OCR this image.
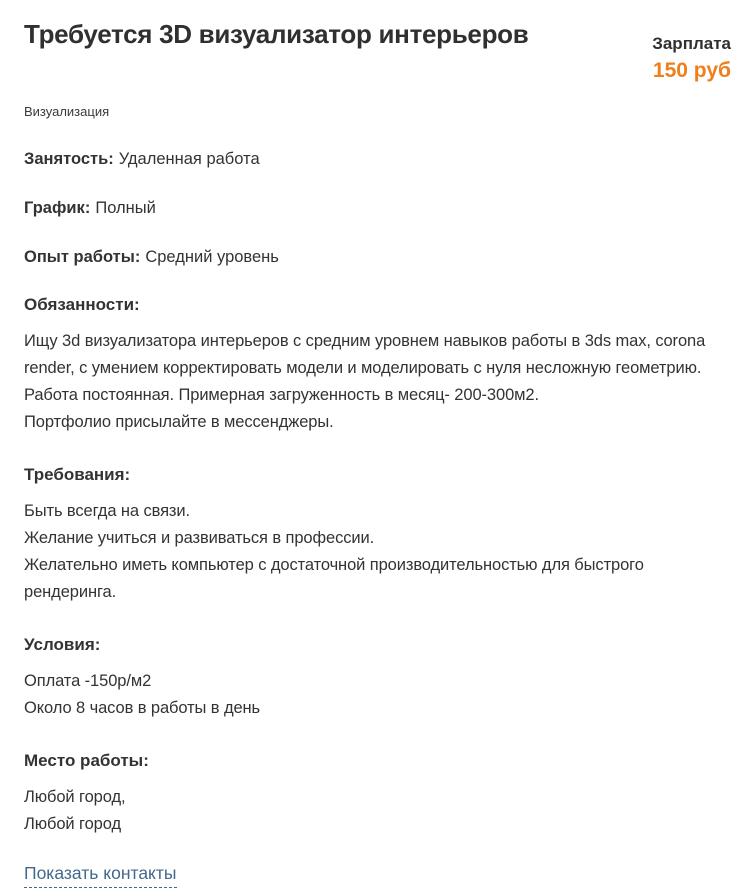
Требуется 3D визуализатор интерьеров	Зарплата
150 руб
Визуализация
Занятость: Удаленная работа
График: Полный
Опыт работы: Средний уровень
Обязанности:
Ищу 3d визуализатора интерьеров с средним уровнем навыков работы в 3ds max, corona render, с умением корректировать модели и моделировать с нуля несложную геометрию. Работа постоянная. Примерная загруженность в месяц- 200-300м2.
Портфолио присылайте в мессенджеры.
Требования:
Быть всегда на связи.
Желание учиться и развиваться в профессии.
Желательно иметь компьютер с достаточной производительностью для быстрого рендеринга.
Условия:
Оплата -150р/м2
Около 8 часов в работы в день
Место работы:
Любой город,
Любой город
Показать контакты
